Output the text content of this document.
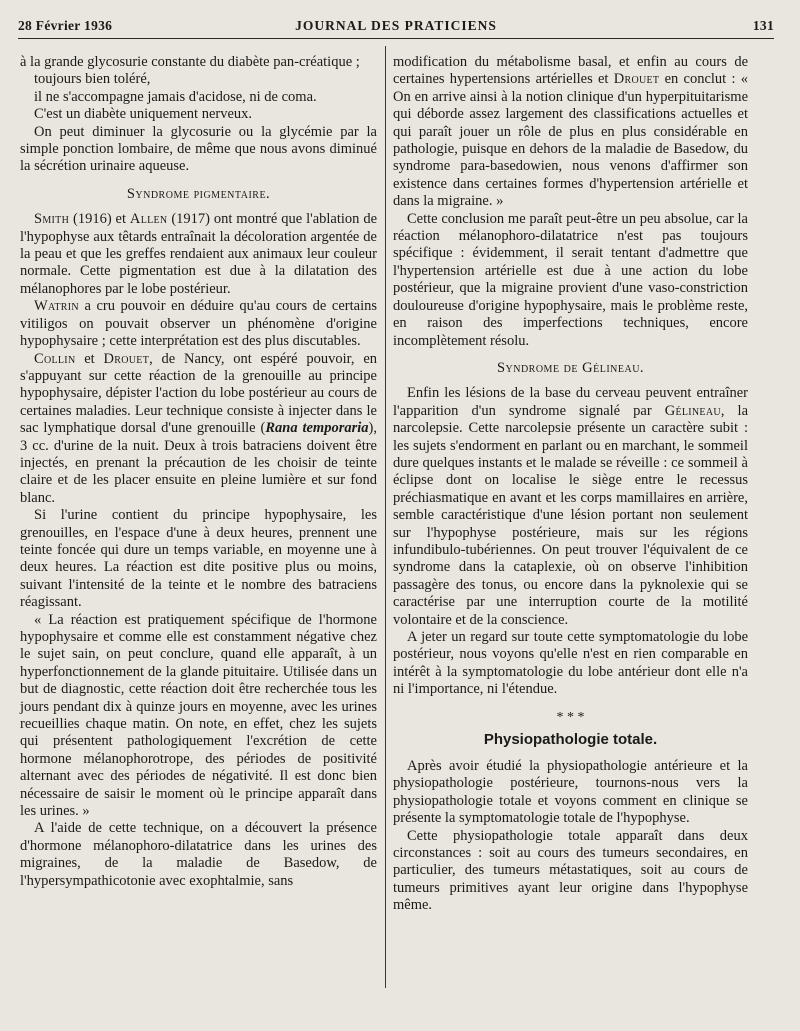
28 Février 1936	JOURNAL DES PRATICIENS	131

à la grande glycosurie constante du diabète pan-créatique ;

toujours bien toléré,

il ne s'accompagne jamais d'acidose, ni de coma.

C'est un diabète uniquement nerveux.

On peut diminuer la glycosurie ou la glycémie par la simple ponction lombaire, de même que nous avons diminué la sécrétion urinaire aqueuse.

Syndrome pigmentaire.

Smith (1916) et Allen (1917) ont montré que l'ablation de l'hypophyse aux têtards entraînait la décoloration argentée de la peau et que les greffes rendaient aux animaux leur couleur normale. Cette pigmentation est due à la dilatation des mélanophores par le lobe postérieur.

Watrin a cru pouvoir en déduire qu'au cours de certains vitiligos on pouvait observer un phénomène d'origine hypophysaire ; cette interprétation est des plus discutables.

Collin et Drouet, de Nancy, ont espéré pouvoir, en s'appuyant sur cette réaction de la grenouille au principe hypophysaire, dépister l'action du lobe postérieur au cours de certaines maladies. Leur technique consiste à injecter dans le sac lymphatique dorsal d'une grenouille (Rana temporaria), 3 cc. d'urine de la nuit. Deux à trois batraciens doivent être injectés, en prenant la précaution de les choisir de teinte claire et de les placer ensuite en pleine lumière et sur fond blanc.

Si l'urine contient du principe hypophysaire, les grenouilles, en l'espace d'une à deux heures, prennent une teinte foncée qui dure un temps variable, en moyenne une à deux heures. La réaction est dite positive plus ou moins, suivant l'intensité de la teinte et le nombre des batraciens réagissant.

« La réaction est pratiquement spécifique de l'hormone hypophysaire et comme elle est constamment négative chez le sujet sain, on peut conclure, quand elle apparaît, à un hyperfonctionnement de la glande pituitaire. Utilisée dans un but de diagnostic, cette réaction doit être recherchée tous les jours pendant dix à quinze jours en moyenne, avec les urines recueillies chaque matin. On note, en effet, chez les sujets qui présentent pathologiquement l'excrétion de cette hormone mélanophorotrope, des périodes de positivité alternant avec des périodes de négativité. Il est donc bien nécessaire de saisir le moment où le principe apparaît dans les urines. »

A l'aide de cette technique, on a découvert la présence d'hormone mélanophoro-dilatatrice dans les urines des migraines, de la maladie de Basedow, de l'hypersympathicotonie avec exophtalmie, sans

modification du métabolisme basal, et enfin au cours de certaines hypertensions artérielles et Drouet en conclut : « On en arrive ainsi à la notion clinique d'un hyperpituitarisme qui déborde assez largement des classifications actuelles et qui paraît jouer un rôle de plus en plus considérable en pathologie, puisque en dehors de la maladie de Basedow, du syndrome para-basedowien, nous venons d'affirmer son existence dans certaines formes d'hypertension artérielle et dans la migraine. »

Cette conclusion me paraît peut-être un peu absolue, car la réaction mélanophoro-dilatatrice n'est pas toujours spécifique : évidemment, il serait tentant d'admettre que l'hypertension artérielle est due à une action du lobe postérieur, que la migraine provient d'une vaso-constriction douloureuse d'origine hypophysaire, mais le problème reste, en raison des imperfections techniques, encore incomplètement résolu.

Syndrome de Gélineau.

Enfin les lésions de la base du cerveau peuvent entraîner l'apparition d'un syndrome signalé par Gélineau, la narcolepsie. Cette narcolepsie présente un caractère subit : les sujets s'endorment en parlant ou en marchant, le sommeil dure quelques instants et le malade se réveille : ce sommeil à éclipse dont on localise le siège entre le recessus préchiasmatique en avant et les corps mamillaires en arrière, semble caractéristique d'une lésion portant non seulement sur l'hypophyse postérieure, mais sur les régions infundibulo-tubériennes. On peut trouver l'équivalent de ce syndrome dans la cataplexie, où on observe l'inhibition passagère des tonus, ou encore dans la pyknolexie qui se caractérise par une interruption courte de la motilité volontaire et de la conscience.

A jeter un regard sur toute cette symptomatologie du lobe postérieur, nous voyons qu'elle n'est en rien comparable en intérêt à la symptomatologie du lobe antérieur dont elle n'a ni l'importance, ni l'étendue.

* * *
Physiopathologie totale.

Après avoir étudié la physiopathologie antérieure et la physiopathologie postérieure, tournons-nous vers la physiopathologie totale et voyons comment en clinique se présente la symptomatologie totale de l'hypophyse.

Cette physiopathologie totale apparaît dans deux circonstances : soit au cours des tumeurs secondaires, en particulier, des tumeurs métastatiques, soit au cours de tumeurs primitives ayant leur origine dans l'hypophyse même.
